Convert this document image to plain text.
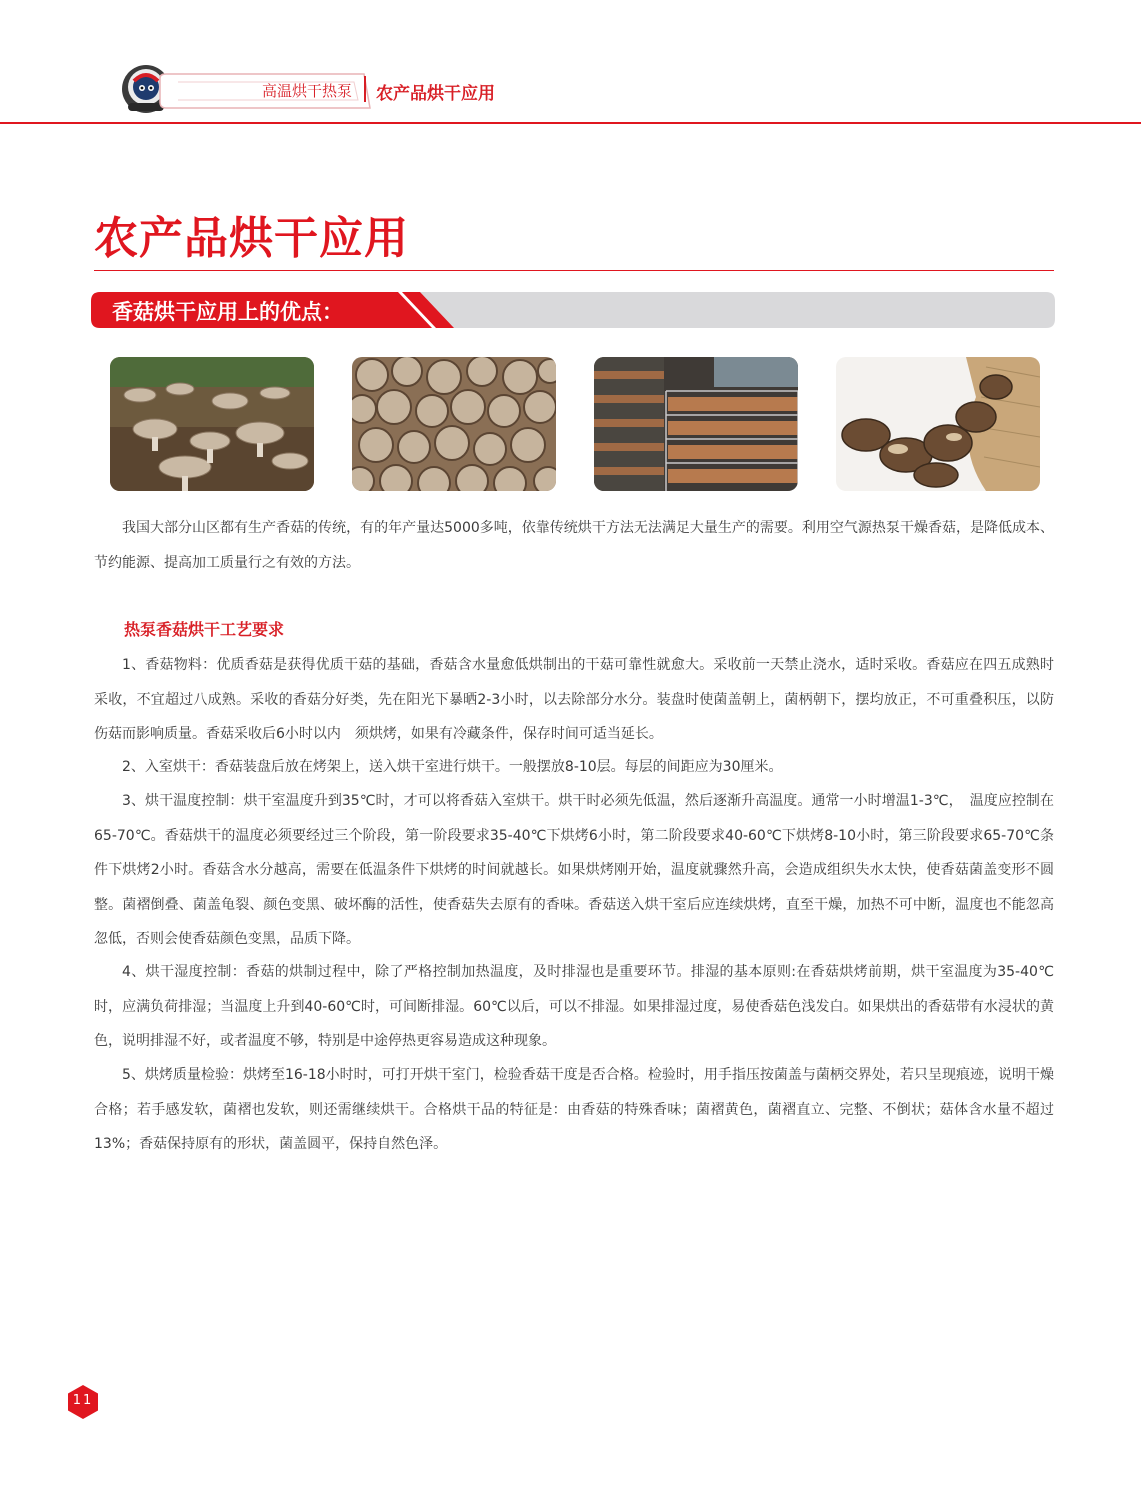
高温烘干热泵 农产品烘干应用
农产品烘干应用
香菇烘干应用上的优点：

我国大部分山区都有生产香菇的传统，有的年产量达5000多吨，依靠传统烘干方法无法满足大量生产的需要。利用空气源热泵干燥香菇，是降低成本、节约能源、提高加工质量行之有效的方法。

热泵香菇烘干工艺要求

1、香菇物料：优质香菇是获得优质干菇的基础，香菇含水量愈低烘制出的干菇可靠性就愈大。采收前一天禁止浇水，适时采收。香菇应在四五成熟时采收，不宜超过八成熟。采收的香菇分好类，先在阳光下暴晒2-3小时，以去除部分水分。装盘时使菌盖朝上，菌柄朝下，摆均放正，不可重叠积压，以防伤菇而影响质量。香菇采收后6小时以内　须烘烤，如果有冷藏条件，保存时间可适当延长。

2、入室烘干：香菇装盘后放在烤架上，送入烘干室进行烘干。一般摆放8-10层。每层的间距应为30厘米。

3、烘干温度控制：烘干室温度升到35℃时，才可以将香菇入室烘干。烘干时必须先低温，然后逐渐升高温度。通常一小时增温1-3℃，　温度应控制在65-70℃。香菇烘干的温度必须要经过三个阶段，第一阶段要求35-40℃下烘烤6小时，第二阶段要求40-60℃下烘烤8-10小时，第三阶段要求65-70℃条件下烘烤2小时。香菇含水分越高，需要在低温条件下烘烤的时间就越长。如果烘烤刚开始，温度就骤然升高，会造成组织失水太快，使香菇菌盖变形不圆整。菌褶倒叠、菌盖龟裂、颜色变黑、破坏酶的活性，使香菇失去原有的香味。香菇送入烘干室后应连续烘烤，直至干燥，加热不可中断，温度也不能忽高忽低，否则会使香菇颜色变黑，品质下降。

4、烘干湿度控制：香菇的烘制过程中，除了严格控制加热温度，及时排湿也是重要环节。排湿的基本原则:在香菇烘烤前期，烘干室温度为35-40℃时，应满负荷排湿；当温度上升到40-60℃时，可间断排湿。60℃以后，可以不排湿。如果排湿过度，易使香菇色浅发白。如果烘出的香菇带有水浸状的黄色，说明排湿不好，或者温度不够，特别是中途停热更容易造成这种现象。

5、烘烤质量检验：烘烤至16-18小时时，可打开烘干室门，检验香菇干度是否合格。检验时，用手指压按菌盖与菌柄交界处，若只呈现痕迹，说明干燥合格；若手感发软，菌褶也发软，则还需继续烘干。合格烘干品的特征是：由香菇的特殊香味；菌褶黄色，菌褶直立、完整、不倒状；菇体含水量不超过13%；香菇保持原有的形状，菌盖圆平，保持自然色泽。

11
